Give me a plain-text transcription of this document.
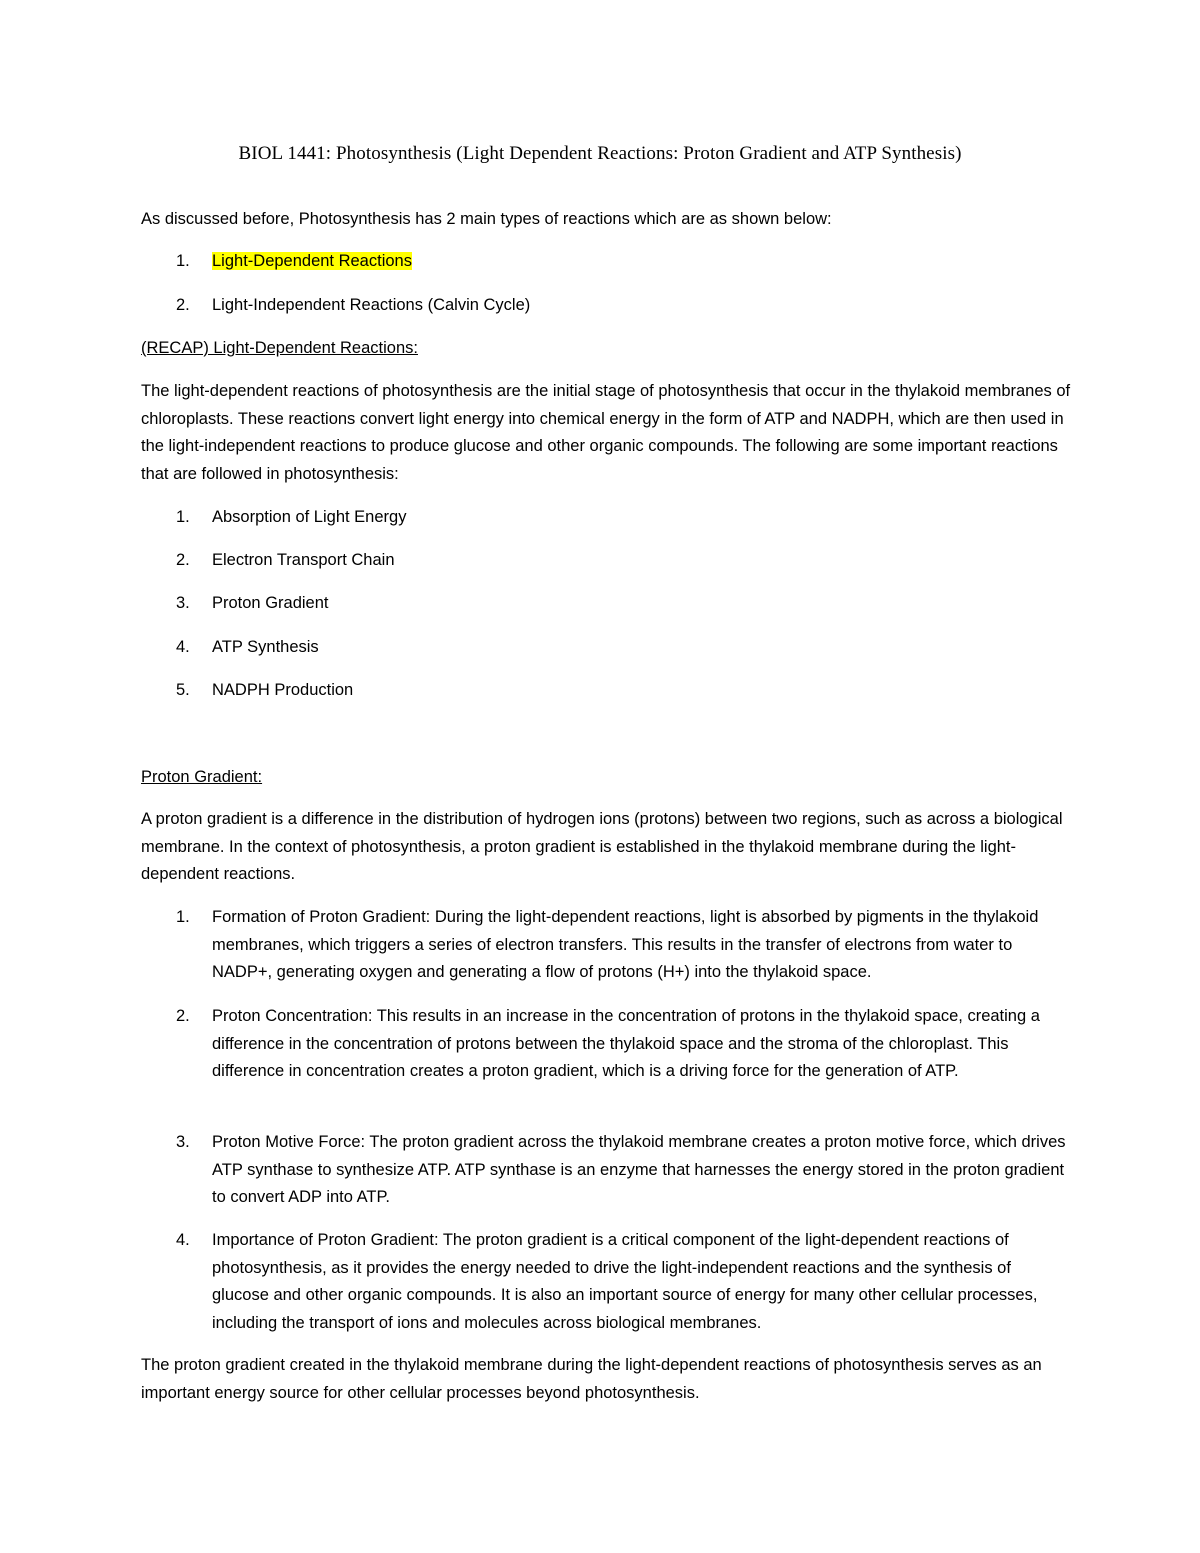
BIOL 1441: Photosynthesis (Light Dependent Reactions: Proton Gradient and ATP Synthesis)
As discussed before, Photosynthesis has 2 main types of reactions which are as shown below:
1.	Light-Dependent Reactions
2.	Light-Independent Reactions (Calvin Cycle)
(RECAP) Light-Dependent Reactions:
The light-dependent reactions of photosynthesis are the initial stage of photosynthesis that occur in the thylakoid membranes of chloroplasts. These reactions convert light energy into chemical energy in the form of ATP and NADPH, which are then used in the light-independent reactions to produce glucose and other organic compounds. The following are some important reactions that are followed in photosynthesis:
1.	Absorption of Light Energy
2.	Electron Transport Chain
3.	Proton Gradient
4.	ATP Synthesis
5.	NADPH Production
Proton Gradient:
A proton gradient is a difference in the distribution of hydrogen ions (protons) between two regions, such as across a biological membrane. In the context of photosynthesis, a proton gradient is established in the thylakoid membrane during the light-dependent reactions.
1.	Formation of Proton Gradient: During the light-dependent reactions, light is absorbed by pigments in the thylakoid membranes, which triggers a series of electron transfers. This results in the transfer of electrons from water to NADP+, generating oxygen and generating a flow of protons (H+) into the thylakoid space.
2.	Proton Concentration: This results in an increase in the concentration of protons in the thylakoid space, creating a difference in the concentration of protons between the thylakoid space and the stroma of the chloroplast. This difference in concentration creates a proton gradient, which is a driving force for the generation of ATP.
3.	Proton Motive Force: The proton gradient across the thylakoid membrane creates a proton motive force, which drives ATP synthase to synthesize ATP. ATP synthase is an enzyme that harnesses the energy stored in the proton gradient to convert ADP into ATP.
4.	Importance of Proton Gradient: The proton gradient is a critical component of the light-dependent reactions of photosynthesis, as it provides the energy needed to drive the light-independent reactions and the synthesis of glucose and other organic compounds. It is also an important source of energy for many other cellular processes, including the transport of ions and molecules across biological membranes.
The proton gradient created in the thylakoid membrane during the light-dependent reactions of photosynthesis serves as an important energy source for other cellular processes beyond photosynthesis.
